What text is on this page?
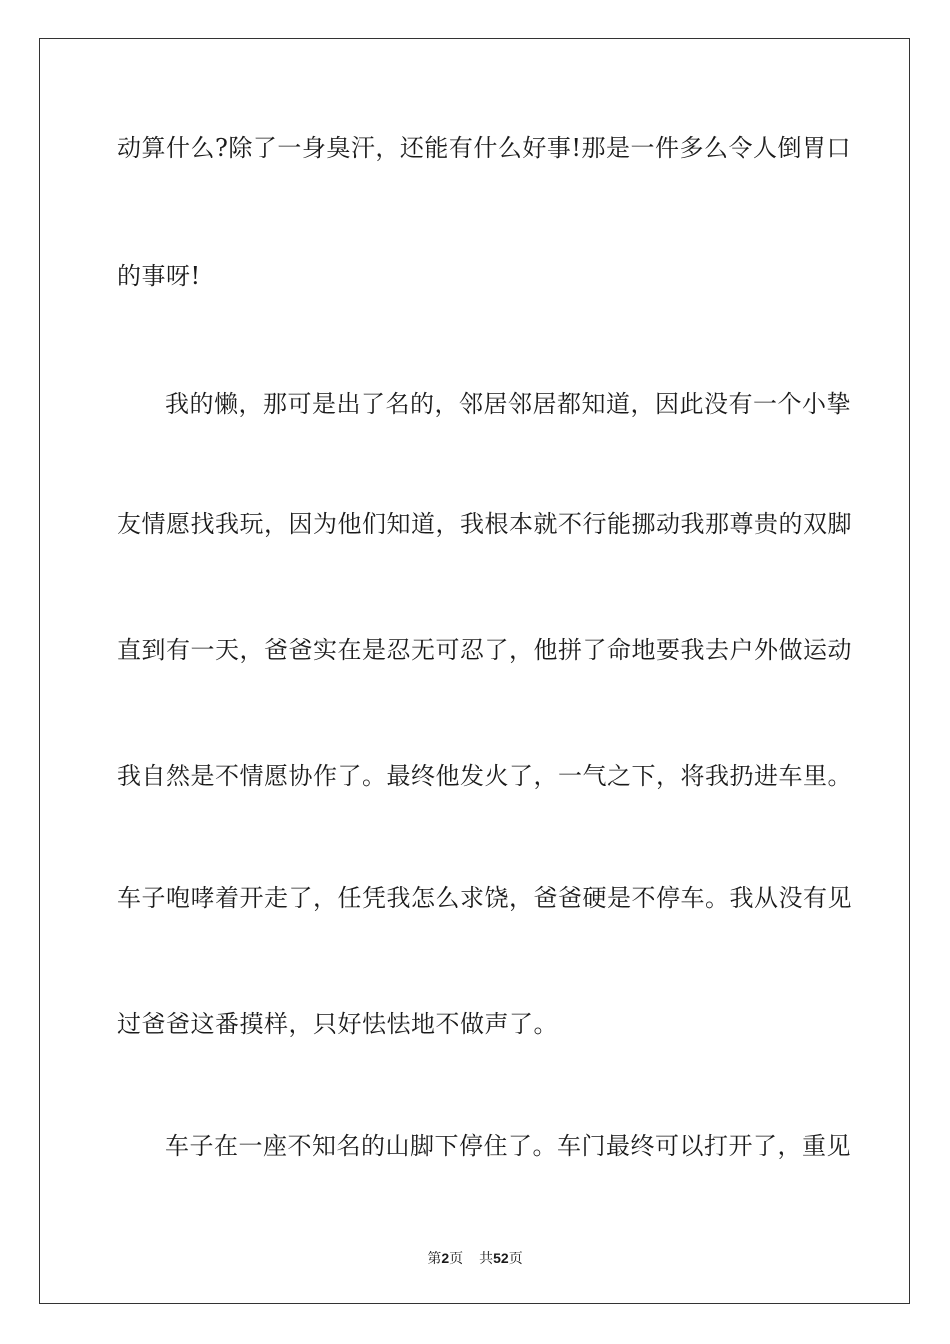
动算什么?除了一身臭汗，还能有什么好事!那是一件多么令人倒胃口
的事呀!
我的懒，那可是出了名的，邻居邻居都知道，因此没有一个小挚
友情愿找我玩，因为他们知道，我根本就不行能挪动我那尊贵的双脚
直到有一天，爸爸实在是忍无可忍了，他拼了命地要我去户外做运动
我自然是不情愿协作了。最终他发火了，一气之下，将我扔进车里。
车子咆哮着开走了，任凭我怎么求饶，爸爸硬是不停车。我从没有见
过爸爸这番摸样，只好怯怯地不做声了。
车子在一座不知名的山脚下停住了。车门最终可以打开了，重见
第2页 共52页
